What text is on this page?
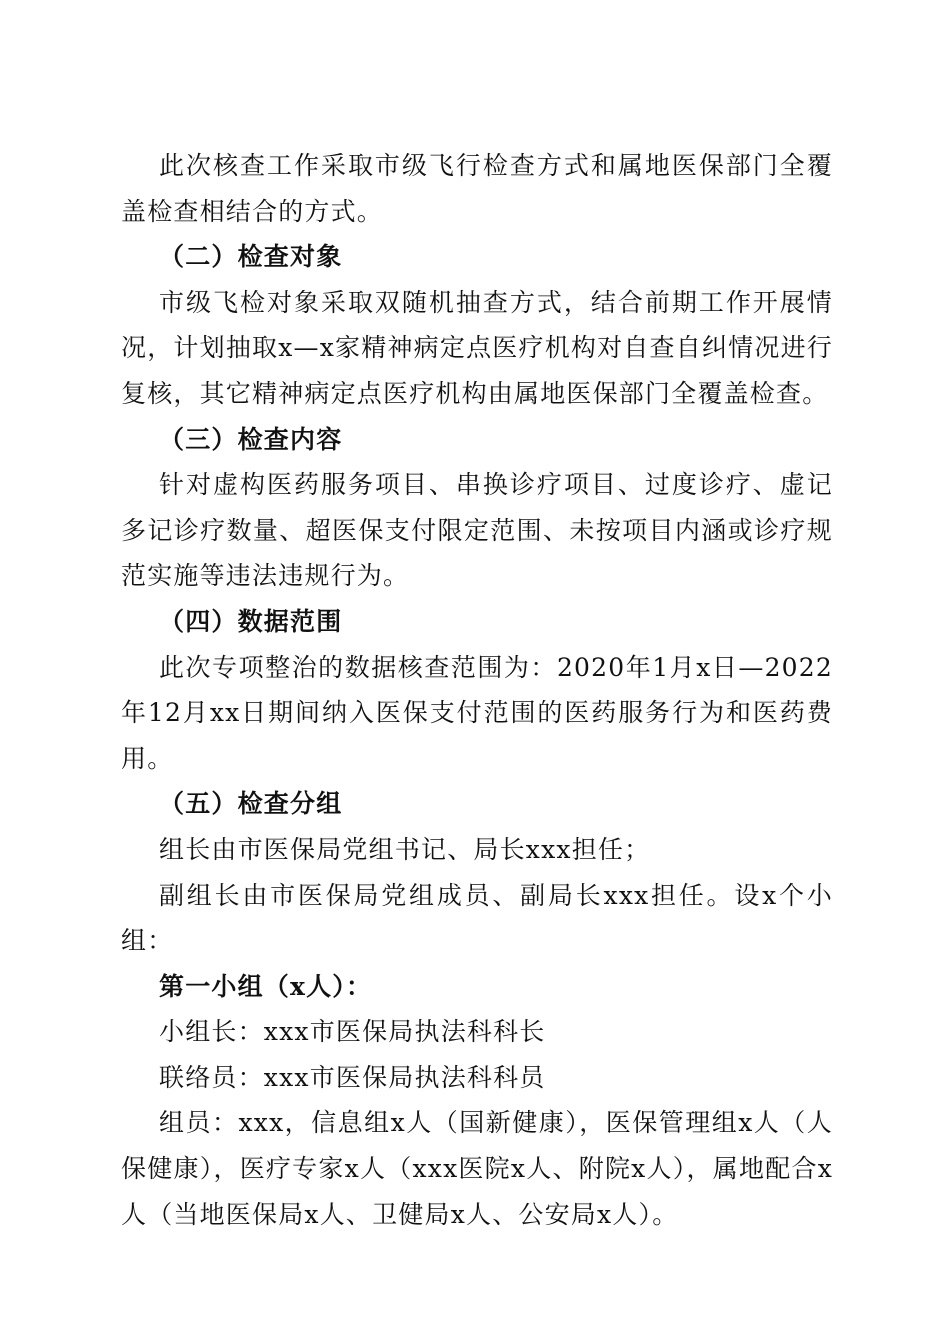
此次核查工作采取市级飞行检查方式和属地医保部门全覆盖检查相结合的方式。

（二）检查对象

市级飞检对象采取双随机抽查方式，结合前期工作开展情况，计划抽取x—x家精神病定点医疗机构对自查自纠情况进行复核，其它精神病定点医疗机构由属地医保部门全覆盖检查。

（三）检查内容

针对虚构医药服务项目、串换诊疗项目、过度诊疗、虚记多记诊疗数量、超医保支付限定范围、未按项目内涵或诊疗规范实施等违法违规行为。

（四）数据范围

此次专项整治的数据核查范围为：2020年1月x日—2022年12月xx日期间纳入医保支付范围的医药服务行为和医药费用。

（五）检查分组

组长由市医保局党组书记、局长xxx担任；

副组长由市医保局党组成员、副局长xxx担任。设x个小组：

第一小组（x人）：

小组长：xxx市医保局执法科科长

联络员：xxx市医保局执法科科员

组员：xxx，信息组x人（国新健康），医保管理组x人（人保健康），医疗专家x人（xxx医院x人、附院x人），属地配合x人（当地医保局x人、卫健局x人、公安局x人）。
